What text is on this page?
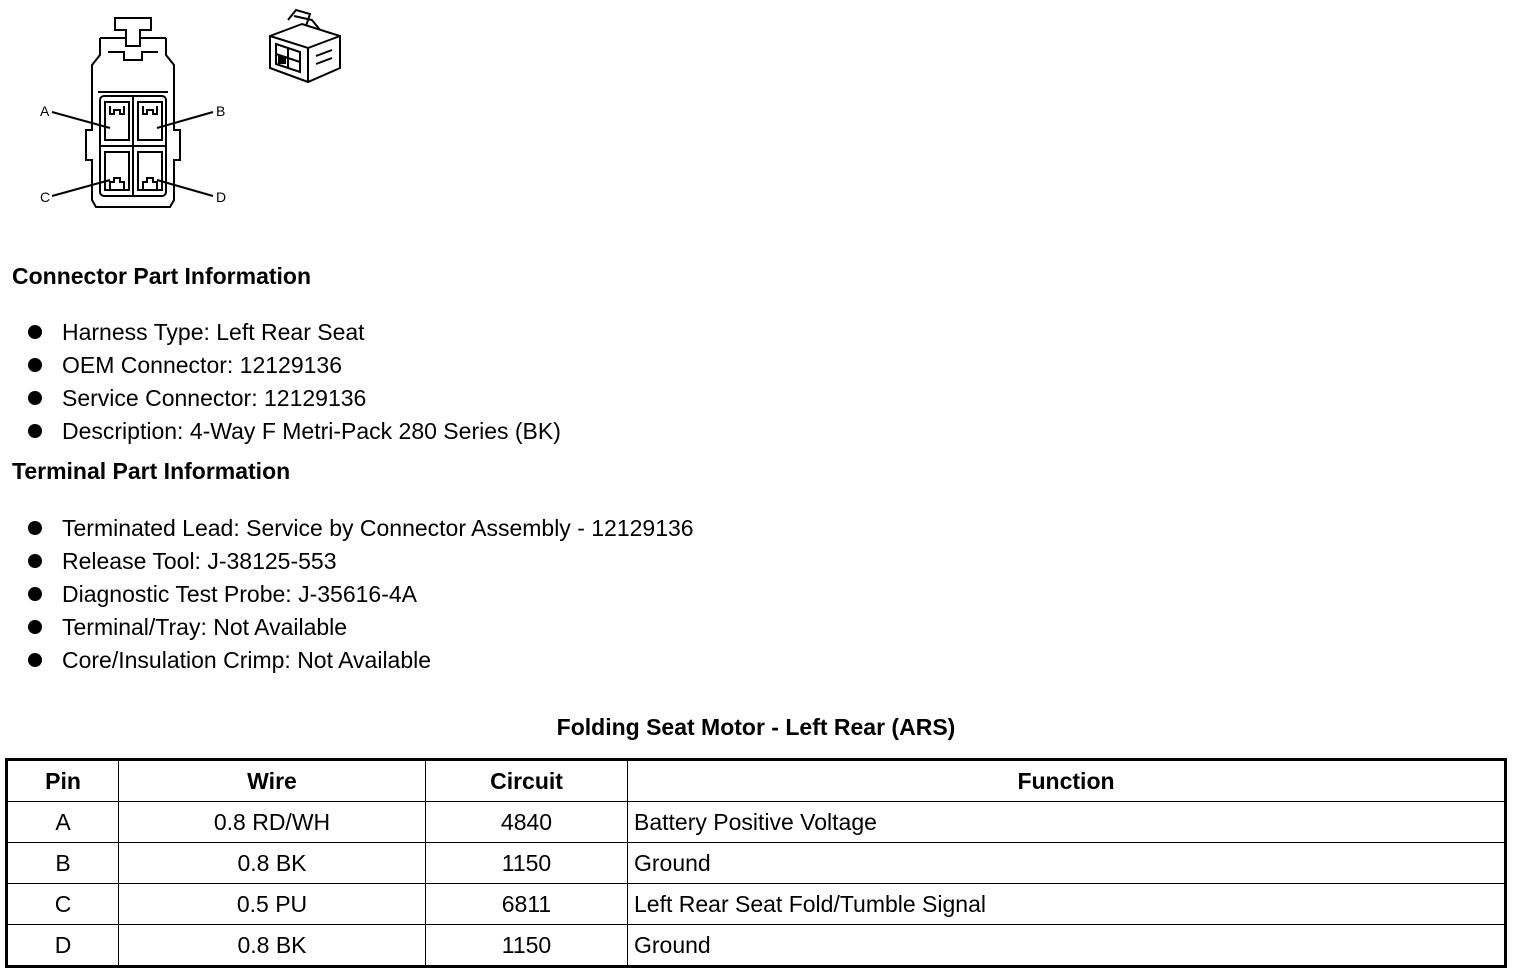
A	B
C	D
Connector Part Information
Harness Type: Left Rear Seat
OEM Connector: 12129136
Service Connector: 12129136
Description: 4-Way F Metri-Pack 280 Series (BK)
Terminal Part Information
Terminated Lead: Service by Connector Assembly - 12129136
Release Tool: J-38125-553
Diagnostic Test Probe: J-35616-4A
Terminal/Tray: Not Available
Core/Insulation Crimp: Not Available
Folding Seat Motor - Left Rear (ARS)
Pin	Wire	Circuit	Function
A	0.8 RD/WH	4840	Battery Positive Voltage
B	0.8 BK	1150	Ground
C	0.5 PU	6811	Left Rear Seat Fold/Tumble Signal
D	0.8 BK	1150	Ground
